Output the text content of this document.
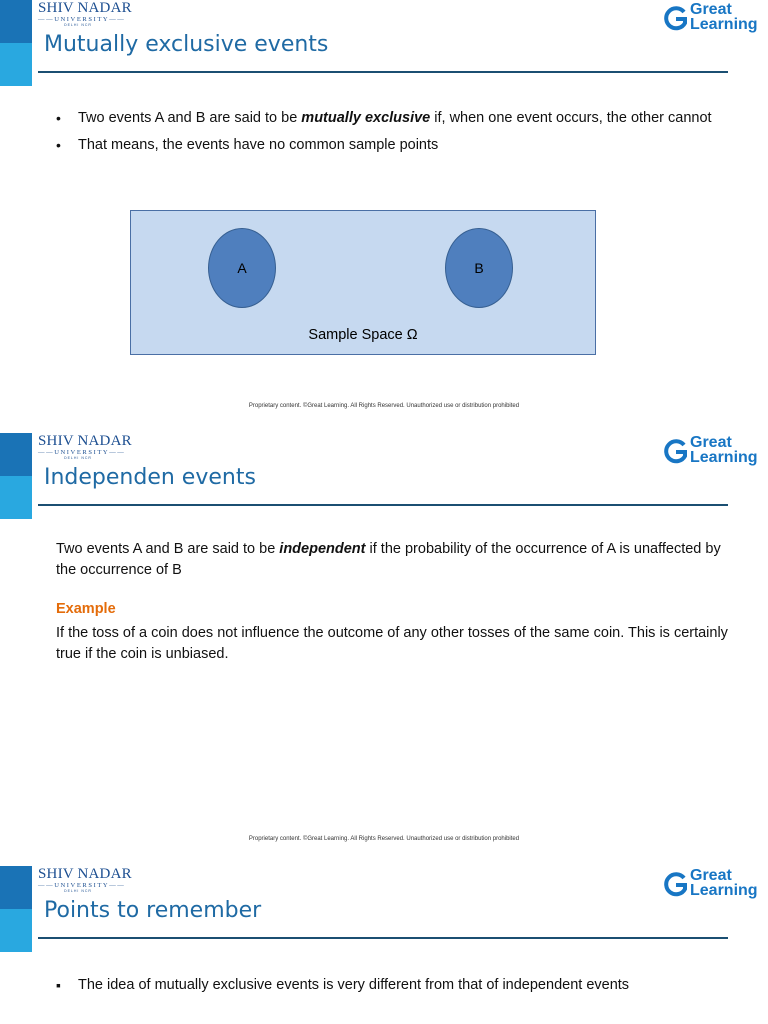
SHIV NADAR
——UNIVERSITY——
DELHI NCR
Great
Learning
Mutually exclusive events
• Two events A and B are said to be mutually exclusive if, when one event occurs, the other cannot
• That means, the events have no common sample points
A	B
Sample Space Ω
Proprietary content. ©Great Learning. All Rights Reserved. Unauthorized use or distribution prohibited
SHIV NADAR
——UNIVERSITY——
DELHI NCR
Great
Learning
Independen events
Two events A and B are said to be independent if the probability of the occurrence of A is unaffected by the occurrence of B
Example
If the toss of a coin does not influence the outcome of any other tosses of the same coin. This is certainly true if the coin is unbiased.
Proprietary content. ©Great Learning. All Rights Reserved. Unauthorized use or distribution prohibited
SHIV NADAR
——UNIVERSITY——
DELHI NCR
Great
Learning
Points to remember
▪ The idea of mutually exclusive events is very different from that of independent events
